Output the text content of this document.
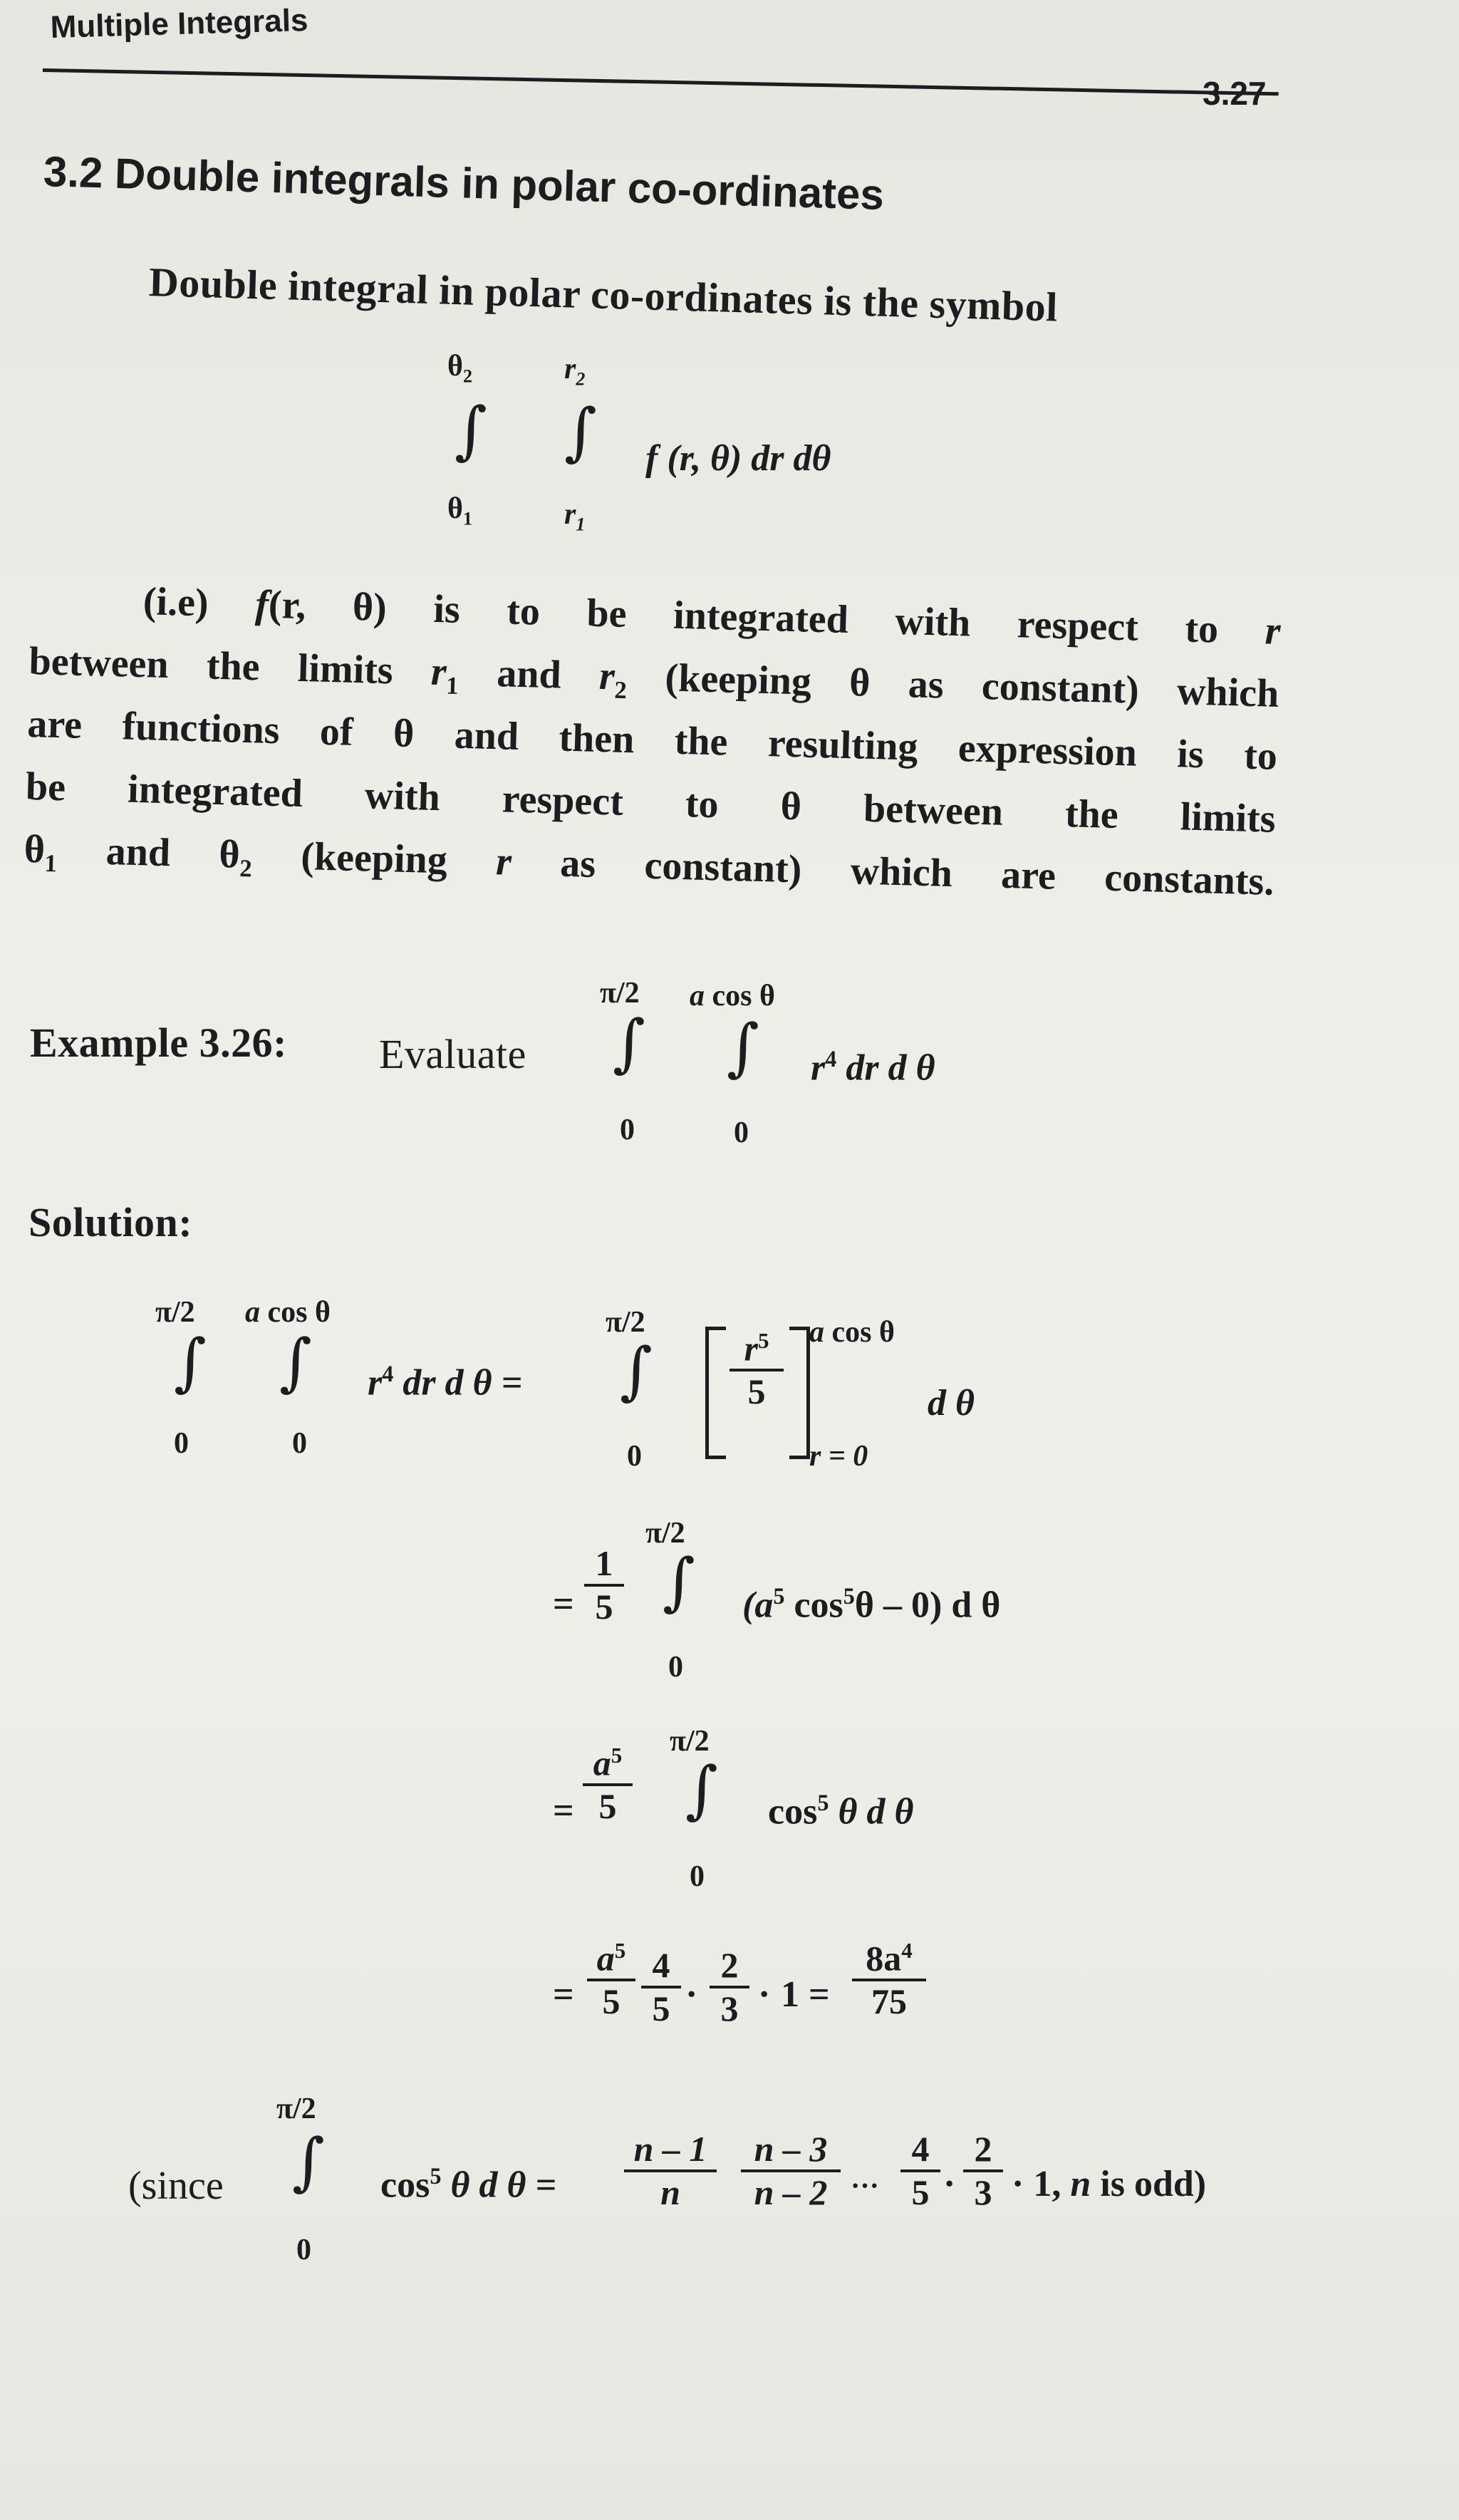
Multiple Integrals
3.27
3.2 Double integrals in polar co-ordinates
Double integral in polar co-ordinates is the symbol
$\theta_2$	$r_2$
∫ ∫ f (r, θ) dr dθ
$\theta_1$	$r_1$
(i.e) f(r, θ) is to be integrated with respect to r
between the limits $r_1$ and $r_2$ (keeping θ as constant) which
are functions of θ and then the resulting expression is to
be integrated with respect to θ between the limits
$\theta_1$ and $\theta_2$ (keeping r as constant) which are constants.
Example 3.26: Evaluate
π/2 a cos θ
∫ ∫ $r^4$ dr d θ
0	0
Solution:
π/2 a cos θ
∫ ∫ $r^4$ dr d θ =
0	0
π/2
∫
0
$\frac{r^5}{5}$ a cos θ
r = 0
d θ
= $\frac{1}{5}$
π/2
∫
0
($a^5$ $\cos^5\theta - 0$) d θ
= $\frac{a^5}{5}$
π/2
∫
0
$\cos^5 \theta$ d θ
= $\frac{a^5}{5} \frac{4}{5} \cdot \frac{2}{3} \cdot 1 = \frac{8a^4}{75}$
(since
π/2
∫
0
$\cos^5 \theta$ d $\theta = \frac{n - 1}{n} \frac{n - 3}{n - 2}$ ··· $\frac{4}{5} \cdot \frac{2}{3} \cdot 1$, n is odd)
